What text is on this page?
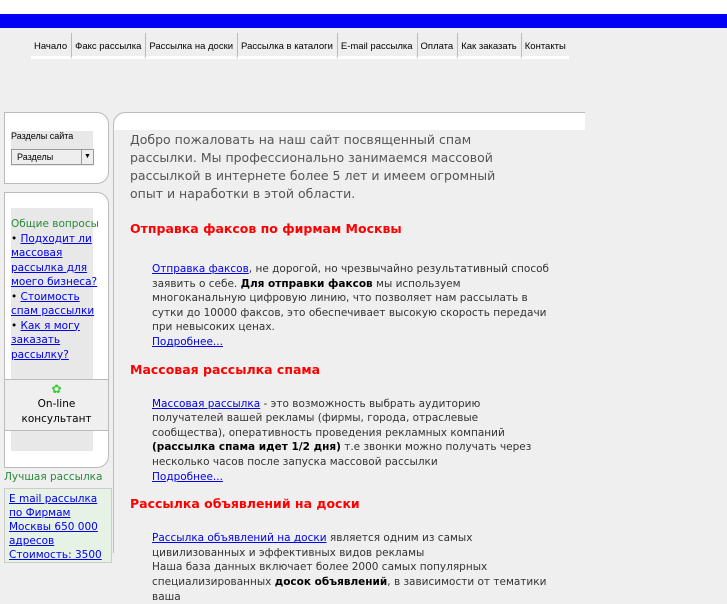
Начало Факс рассылка Рассылка на доски Рассылка в каталоги E-mail рассылка Оплата Как заказать Контакты
Разделы сайта
Разделы	▼
Общие вопросы
• Подходит ли массовая рассылка для моего бизнеса?
• Стоимость спам рассылки
• Как я могу заказать рассылку?
✿
On-line консультант
Лучшая рассылка
E mail рассылка по Фирмам Москвы 650 000 адресов Стоимость: 3500
Добро пожаловать на наш сайт посвященный спам рассылки. Мы профессионально занимаемся массовой рассылкой в интернете более 5 лет и имеем огромный опыт и наработки в этой области.
Отправка факсов по фирмам Москвы

Отправка факсов, не дорогой, но чрезвычайно результативный способ заявить о себе. Для отправки факсов мы используем многоканальную цифровую линию, что позволяет нам рассылать в сутки до 10000 факсов, это обеспечивает высокую скорость передачи при невысоких ценах.
Подробнее...

Массовая рассылка спама

Массовая рассылка - это возможность выбрать аудиторию получателей вашей рекламы (фирмы, города, отраслевые сообщества), оперативность проведения рекламных компаний (рассылка спама идет 1/2 дня) т.е звонки можно получать через несколько часов после запуска массовой рассылки
Подробнее...

Рассылка объявлений на доски

Рассылка объявлений на доски является одним из самых цивилизованных и эффективных видов рекламы
Наша база данных включает более 2000 самых популярных специализированных досок объявлений, в зависимости от тематики ваша
